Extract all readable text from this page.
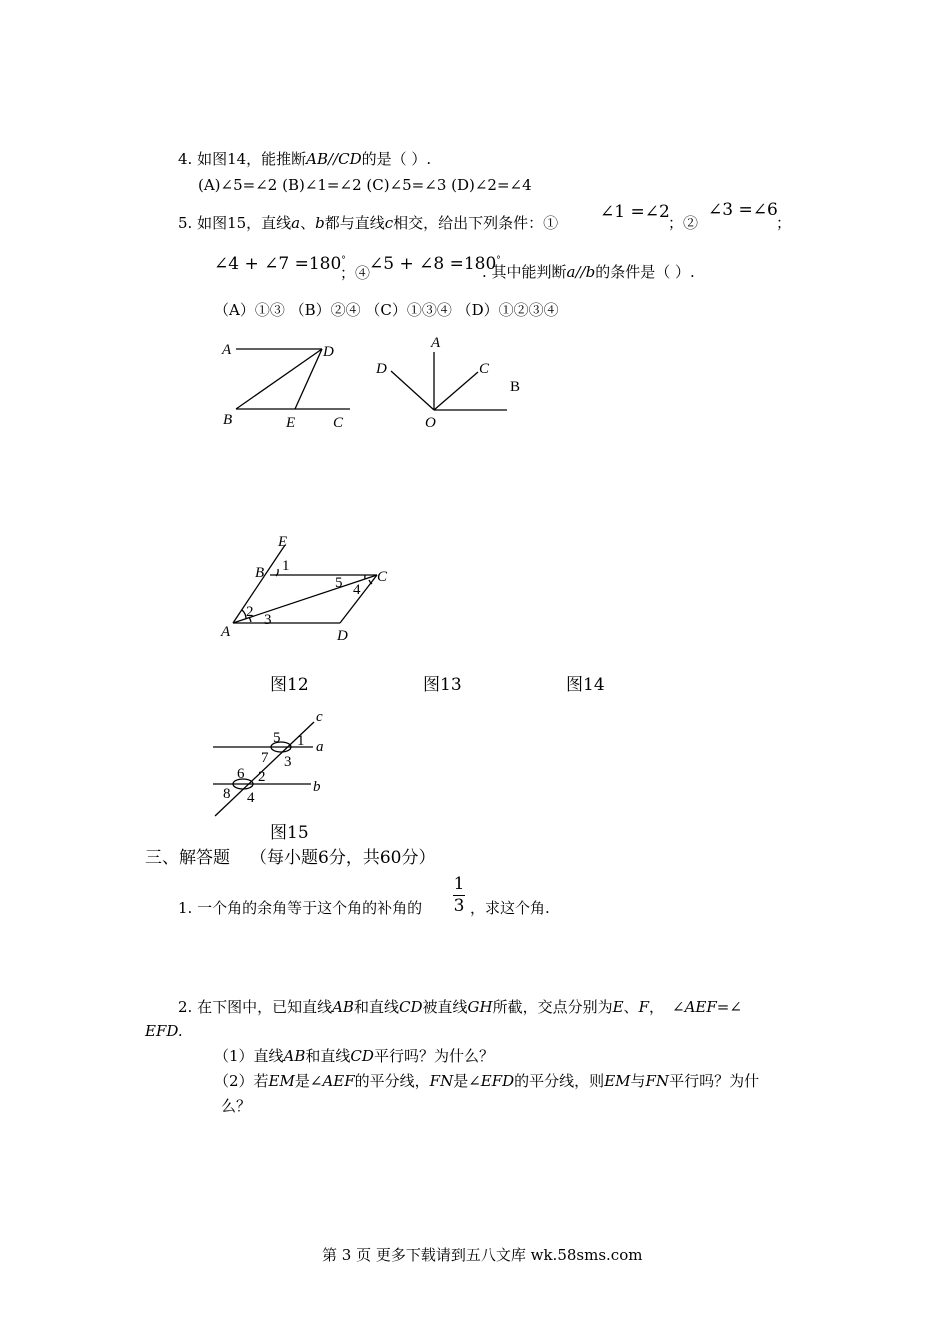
4. 如图14，能推断AB//CD的是（ ）.
(A)∠5=∠2 (B)∠1=∠2 (C)∠5=∠3 (D)∠2=∠4
5. 如图15，直线a、b都与直线c相交，给出下列条件：①
∠1 =∠2
；②
∠3 =∠6
；
∠4 + ∠7 =180°
；④
∠5 + ∠8 =180°
. 其中能判断a//b的条件是（ ）.
（A）①③ （B）②④ （C）①③④ （D）①②③④
A	D
B	E	C
A
D	C
O
B
E
B	C
A	D
1
2 3
4
5
c
a
b
5 1
7 3
6 2
8 4
图12	图13	图14
图15
三、解答题 （每小题6分，共60分）
1. 一个角的余角等于这个角的补角的
1
3 ，求这个角.
2. 在下图中，已知直线AB和直线CD被直线GH所截，交点分别为E、F， ∠AEF=∠
EFD.
（1）直线AB和直线CD平行吗？为什么？
（2）若EM是∠AEF的平分线，FN是∠EFD的平分线，则EM与FN平行吗？为什
么？
第 3 页 更多下载请到五八文库 wk.58sms.com
